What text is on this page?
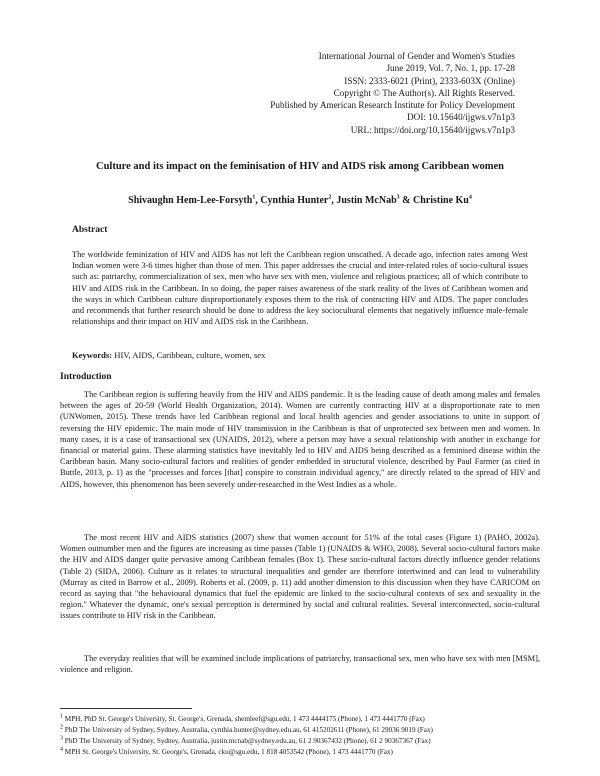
International Journal of Gender and Women's Studies
June 2019, Vol. 7, No. 1, pp. 17-28
ISSN: 2333-6021 (Print), 2333-603X (Online)
Copyright © The Author(s). All Rights Reserved.
Published by American Research Institute for Policy Development
DOI: 10.15640/ijgws.v7n1p3
URL: https://doi.org/10.15640/ijgws.v7n1p3
Culture and its impact on the feminisation of HIV and AIDS risk among Caribbean women
Shivaughn Hem-Lee-Forsyth$^1$, Cynthia Hunter$^2$, Justin McNab$^3$ & Christine Ku$^4$
Abstract
The worldwide feminization of HIV and AIDS has not left the Caribbean region unscathed. A decade ago, infection rates among West Indian women were 3-6 times higher than those of men. This paper addresses the crucial and inter-related roles of socio-cultural issues such as: patriarchy, commercialization of sex, men who have sex with men, violence and religious practices; all of which contribute to HIV and AIDS risk in the Caribbean. In so doing, the paper raises awareness of the stark reality of the lives of Caribbean women and the ways in which Caribbean culture disproportionately exposes them to the risk of contracting HIV and AIDS. The paper concludes and recommends that further research should be done to address the key sociocultural elements that negatively influence male-female relationships and their impact on HIV and AIDS risk in the Caribbean.
Keywords: HIV, AIDS, Caribbean, culture, women, sex
Introduction

The Caribbean region is suffering heavily from the HIV and AIDS pandemic. It is the leading cause of death among males and females between the ages of 20-59 (World Health Organization, 2014). Women are currently contracting HIV at a disproportionate rate to men (UNWomen, 2015). These trends have led Caribbean regional and local health agencies and gender associations to unite in support of reversing the HIV epidemic. The main mode of HIV transmission in the Caribbean is that of unprotected sex between men and women. In many cases, it is a case of transactional sex (UNAIDS, 2012), where a person may have a sexual relationship with another in exchange for financial or material gains. These alarming statistics have inevitably led to HIV and AIDS being described as a feminised disease within the Caribbean basin. Many socio-cultural factors and realities of gender embedded in structural violence, described by Paul Farmer (as cited in Buttle, 2013, p. 1) as the "processes and forces [that] conspire to constrain individual agency," are directly related to the spread of HIV and AIDS, however, this phenomenon has been severely under-researched in the West Indies as a whole.

The most recent HIV and AIDS statistics (2007) show that women account for 51% of the total cases (Figure 1) (PAHO, 2002a). Women outnumber men and the figures are increasing as time passes (Table 1) (UNAIDS & WHO, 2008). Several socio-cultural factors make the HIV and AIDS danger quite pervasive among Caribbean females (Box 1). These socio-cultural factors directly influence gender relations (Table 2) (SIDA, 2006). Culture as it relates to structural inequalities and gender are therefore intertwined and can lead to vulnerability (Murray as cited in Barrow et al., 2009). Roberts et al. (2009, p. 11) add another dimension to this discussion when they have CARICOM on record as saying that "the behavioural dynamics that fuel the epidemic are linked to the socio-cultural contexts of sex and sexuality in the region." Whatever the dynamic, one's sexual perception is determined by social and cultural realities. Several interconnected, socio-cultural issues contribute to HIV risk in the Caribbean.

The everyday realities that will be examined include implications of patriarchy, transactional sex, men who have sex with men [MSM], violence and religion.

$^1$ MPH, PhD St. George's University, St. George's, Grenada, shemleef@sgu.edu, 1 473 4444175 (Phone), 1 473 4441770 (Fax)
$^2$ PhD The University of Sydney, Sydney, Australia, cynthia.hunter@sydney.edu.au, 61 415202611 (Phone), 61 29036 9019 (Fax)
$^3$ PhD The University of Sydney, Sydney, Australia, justin.mcnab@sydney.edu.au, 61 2 90367432 (Phone), 61 2 90367367 (Fax)
$^4$ MPH St. George's University, St. George's, Grenada, cku@sgu.edu, 1 818 4053542 (Phone), 1 473 4441770 (Fax)
